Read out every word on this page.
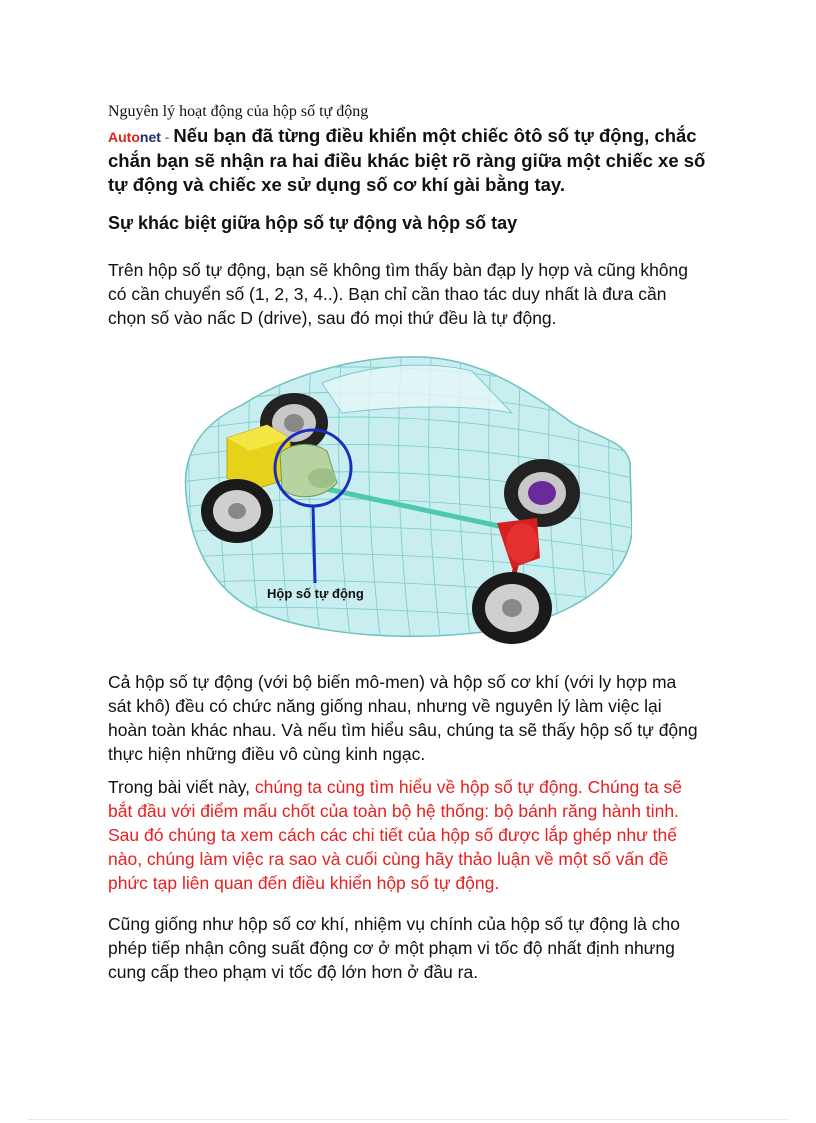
Nguyên lý hoạt động của hộp số tự động
Autonet - Nếu bạn đã từng điều khiển một chiếc ôtô số tự động, chắc chắn bạn sẽ nhận ra hai điều khác biệt rõ ràng giữa một chiếc xe số tự động và chiếc xe sử dụng số cơ khí gài bằng tay.
Sự khác biệt giữa hộp số tự động và hộp số tay
Trên hộp số tự động, bạn sẽ không tìm thấy bàn đạp ly hợp và cũng không có cần chuyển số (1, 2, 3, 4..). Bạn chỉ cần thao tác duy nhất là đưa cần chọn số vào nấc D (drive), sau đó mọi thứ đều là tự động.
Hộp số tự động
Cả hộp số tự động (với bộ biến mô-men) và hộp số cơ khí (với ly hợp ma sát khô) đều có chức năng giống nhau, nhưng về nguyên lý làm việc lại hoàn toàn khác nhau. Và nếu tìm hiểu sâu, chúng ta sẽ thấy hộp số tự động thực hiện những điều vô cùng kinh ngạc.
Trong bài viết này, chúng ta cùng tìm hiểu về hộp số tự động. Chúng ta sẽ bắt đầu với điểm mấu chốt của toàn bộ hệ thống: bộ bánh răng hành tinh. Sau đó chúng ta xem cách các chi tiết của hộp số được lắp ghép như thế nào, chúng làm việc ra sao và cuối cùng hãy thảo luận về một số vấn đề phức tạp liên quan đến điều khiển hộp số tự động.
Cũng giống như hộp số cơ khí, nhiệm vụ chính của hộp số tự động là cho phép tiếp nhận công suất động cơ ở một phạm vi tốc độ nhất định nhưng cung cấp theo phạm vi tốc độ lớn hơn ở đầu ra.
